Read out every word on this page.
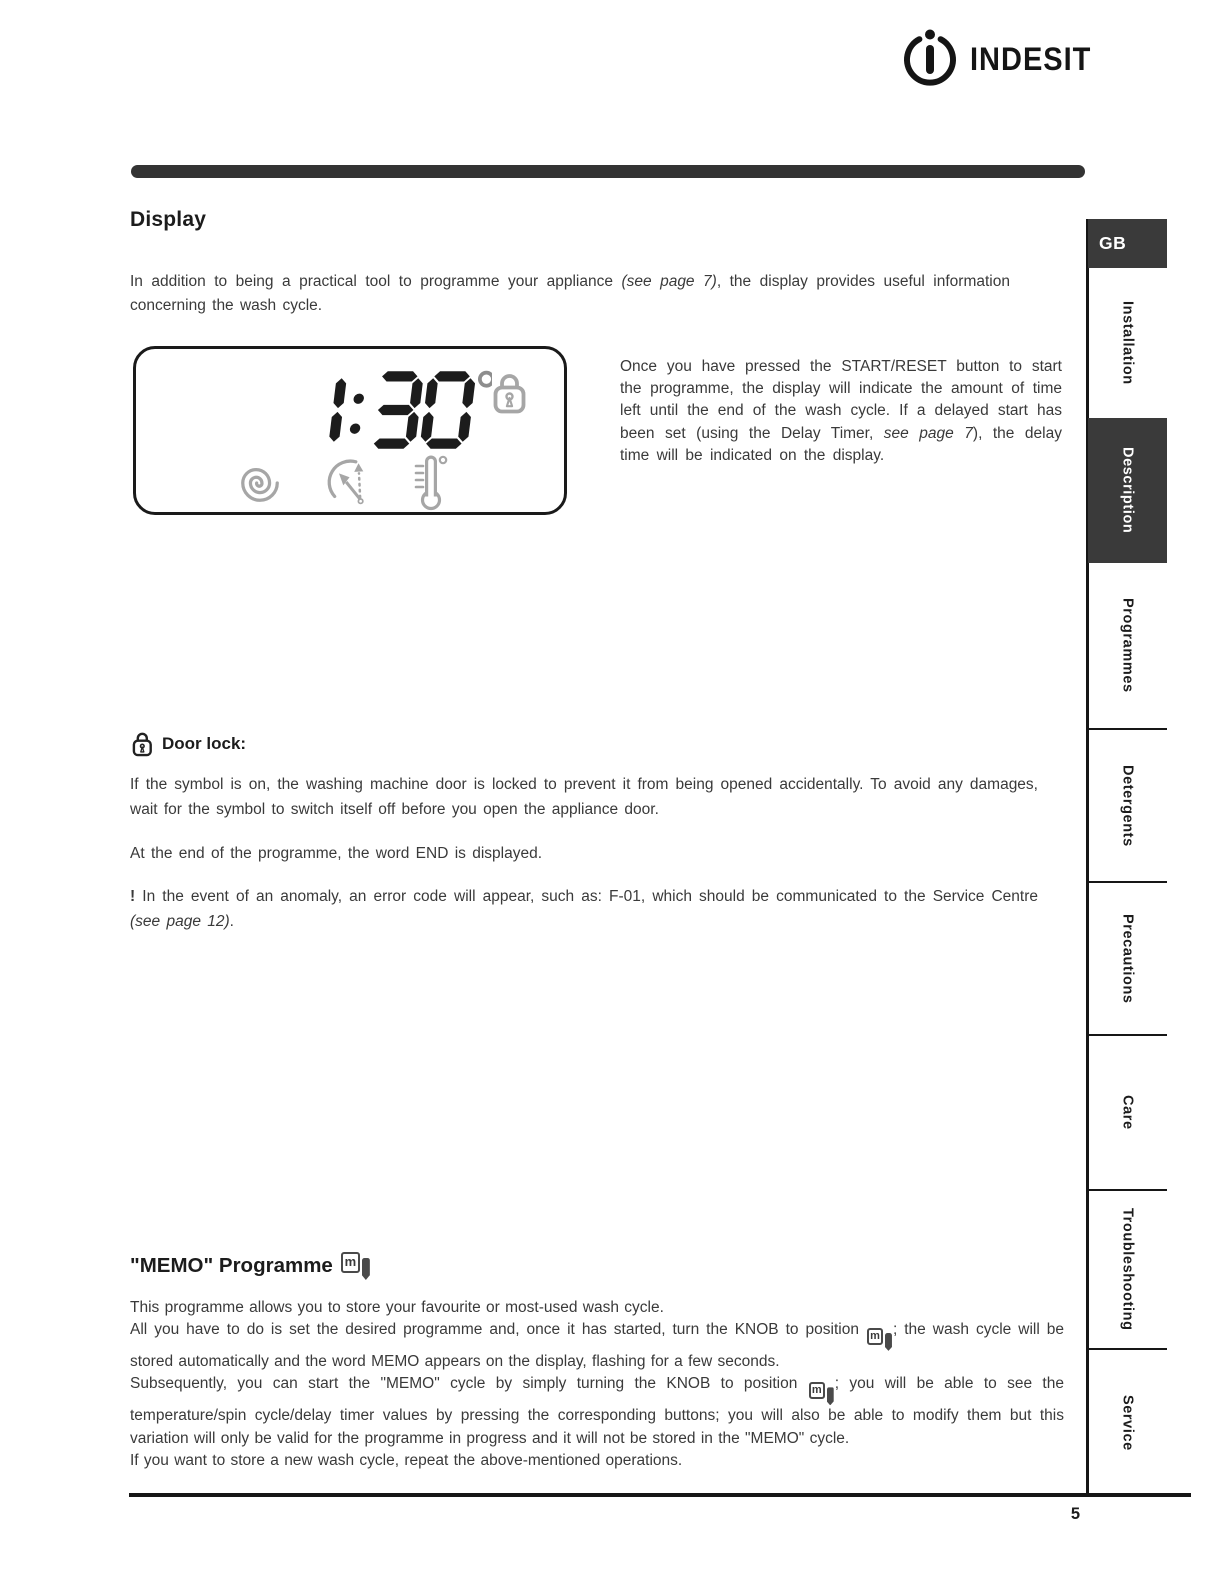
INDESIT
Display

In addition to being a practical tool to programme your appliance (see page 7), the display provides useful information concerning the wash cycle.

Once you have pressed the START/RESET button to start the programme, the display will indicate the amount of time left until the end of the wash cycle. If a delayed start has been set (using the Delay Timer, see page 7), the delay time will be indicated on the display.

Door lock:

If the symbol is on, the washing machine door is locked to prevent it from being opened accidentally. To avoid any damages, wait for the symbol to switch itself off before you open the appliance door.

At the end of the programme, the word END is displayed.

! In the event of an anomaly, an error code will appear, such as: F-01, which should be communicated to the Service Centre (see page 12).

"MEMO" Programme m

This programme allows you to store your favourite or most-used wash cycle.
All you have to do is set the desired programme and, once it has started, turn the KNOB to position m ; the wash cycle will be stored automatically and the word MEMO appears on the display, flashing for a few seconds.
Subsequently, you can start the "MEMO" cycle by simply turning the KNOB to position m ; you will be able to see the temperature/spin cycle/delay timer values by pressing the corresponding buttons; you will also be able to modify them but this variation will only be valid for the programme in progress and it will not be stored in the "MEMO" cycle.
If you want to store a new wash cycle, repeat the above-mentioned operations.

GB
Installation
Description
Programmes
Detergents
Precautions
Care
Troubleshooting
Service
5
